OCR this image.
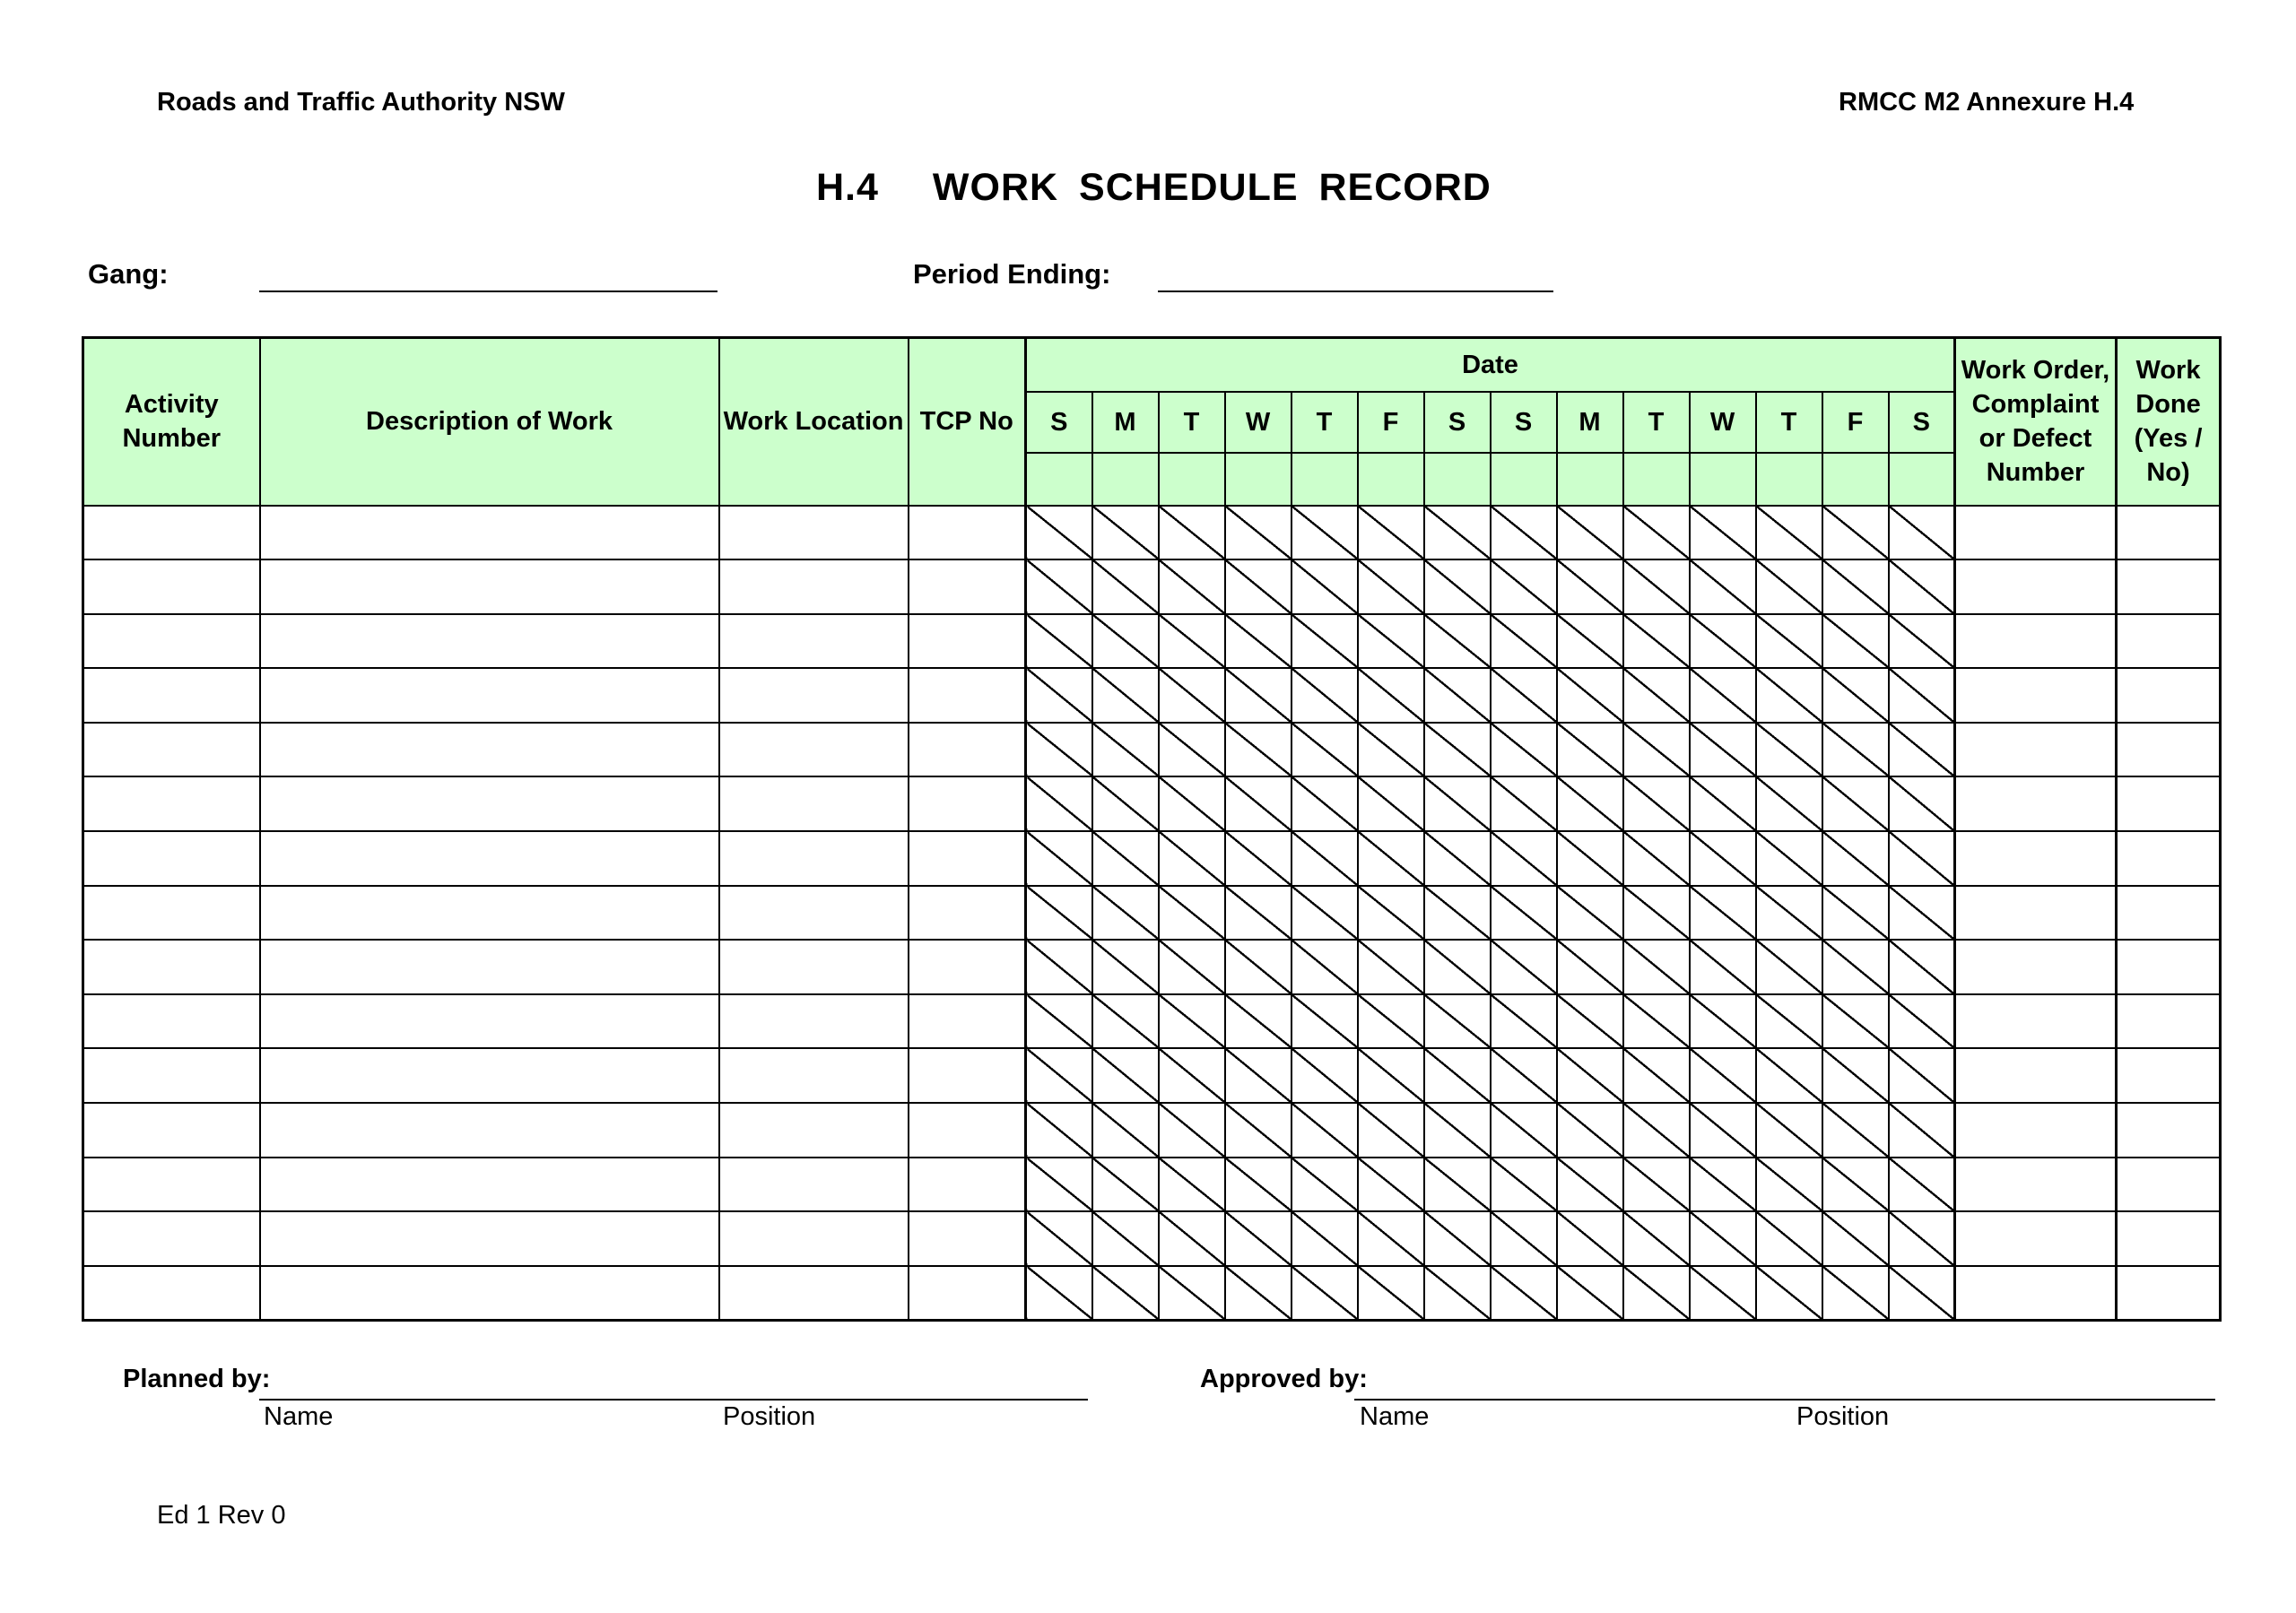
Roads and Traffic Authority NSW	RMCC M2 Annexure H.4
H.4 WORK SCHEDULE RECORD
Gang:	Period Ending:
Activity Number	Description of Work	Work Location	TCP No	Date														Work Order, Complaint or Defect Number	Work Done (Yes / No)

				S	M	T	W	T	F	S	S	M	T	W	T	F	S		

Planned by:
Name	Position
Approved by:
Name	Position
Ed 1 Rev 0
